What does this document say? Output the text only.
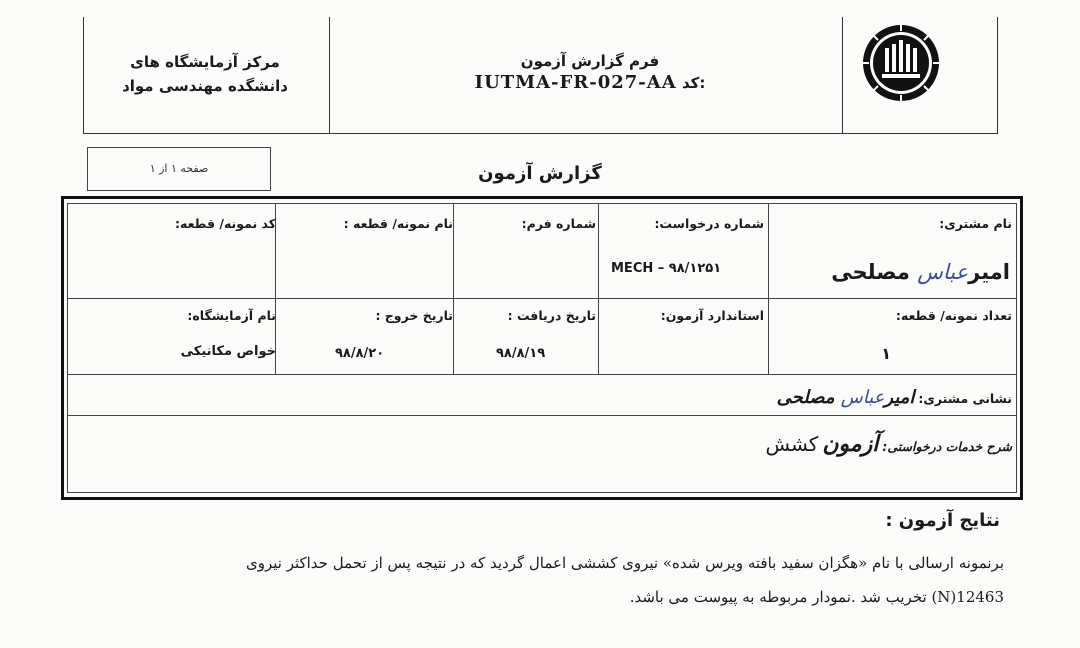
مرکز آزمایشگاه های
دانشگده مهندسی مواد
فرم گزارش آزمون
IUTMA-FR-027-AA کد:
صفحه ۱ از ۱	گزارش آزمون
نام مشتری:
امیرعباس مصلحی
شماره درخواست:
MECH – ۹۸/۱۲۵۱
شماره فرم:
نام نمونه/ قطعه :
کد نمونه/ قطعه:
تعداد نمونه/ قطعه:
۱
استاندارد آزمون:
تاریخ دریافت :
۹۸/۸/۱۹
تاریخ خروج :
۹۸/۸/۲۰
نام آزمایشگاه:
خواص مکانیکی
نشانی مشتری: امیرعباس مصلحی
شرح خدمات درخواستی: آزمون کشش
نتایج آزمون :
برنمونه ارسالی با نام «هگزان سفید بافته ویرس شده» نیروی کششی اعمال گردید که در نتیجه پس از تحمل حداکثر نیروی
12463(N) تخریب شد .نمودار مربوطه به پیوست می باشد.
